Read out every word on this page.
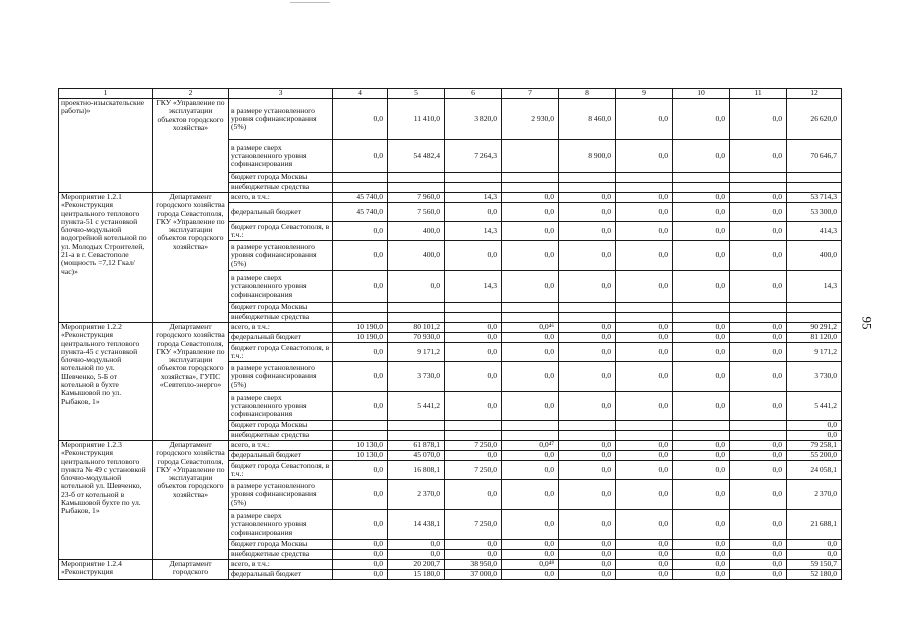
1	2	3	4	5	6	7	8	9	10	11	12
проектно-изыскательские работы)»	ГКУ «Управление по эксплуатации объектов городского хозяйства»	в размере установленного уровня софинансирования (5%)	0,0	11 410,0	3 820,0	2 930,0	8 460,0	0,0	0,0	0,0	26 620,0
		в размере сверх установленного уровня софинансирования	0,0	54 482,4	7 264,3		8 900,0	0,0	0,0	0,0	70 646,7
		бюджет города Москвы									
		внебюджетные средства									
Мероприятие 1.2.1 «Реконструкция центрального теплового пункта-51 с установкой блочно-модульной водогрейной котельной по ул. Молодых Строителей, 21-а в г. Севастополе (мощность =7,12 Гкал/час)»	Департамент городского хозяйства города Севастополя, ГКУ «Управление по эксплуатации объектов городского хозяйства»	всего, в т.ч.:	45 740,0	7 960,0	14,3	0,0	0,0	0,0	0,0	0,0	53 714,3
		федеральный бюджет	45 740,0	7 560,0	0,0	0,0	0,0	0,0	0,0	0,0	53 300,0
		бюджет города Севастополя, в т.ч.:	0,0	400,0	14,3	0,0	0,0	0,0	0,0	0,0	414,3
		в размере установленного уровня софинансирования (5%)	0,0	400,0	0,0	0,0	0,0	0,0	0,0	0,0	400,0
		в размере сверх установленного уровня софинансирования	0,0	0,0	14,3	0,0	0,0	0,0	0,0	0,0	14,3
		бюджет города Москвы									
		внебюджетные средства									
Мероприятие 1.2.2 «Реконструкция центрального теплового пункта-45 с установкой блочно-модульной котельной по ул. Шевченко, 5-Б от котельной в бухте Камышовой по ул. Рыбаков, 1»	Департамент городского хозяйства города Севастополя, ГКУ «Управление по эксплуатации объектов городского хозяйства», ГУПС «Севтепло-энерго»	всего, в т.ч.:	10 190,0	80 101,2	0,0	0,0⁴⁶	0,0	0,0	0,0	0,0	90 291,2
		федеральный бюджет	10 190,0	70 930,0	0,0	0,0	0,0	0,0	0,0	0,0	81 120,0
		бюджет города Севастополя, в т.ч.:	0,0	9 171,2	0,0	0,0	0,0	0,0	0,0	0,0	9 171,2
		в размере установленного уровня софинансирования (5%)	0,0	3 730,0	0,0	0,0	0,0	0,0	0,0	0,0	3 730,0
		в размере сверх установленного уровня софинансирования	0,0	5 441,2	0,0	0,0	0,0	0,0	0,0	0,0	5 441,2
		бюджет города Москвы									0,0
		внебюджетные средства									0,0
Мероприятие 1.2.3 «Реконструкция центрального теплового пункта № 49 с установкой блочно-модульной котельной ул. Шевченко, 23-б от котельной в Камышовой бухте по ул. Рыбаков, 1»	Департамент городского хозяйства города Севастополя, ГКУ «Управление по эксплуатации объектов городского хозяйства»	всего, в т.ч.:	10 130,0	61 878,1	7 250,0	0,0⁴⁷	0,0	0,0	0,0	0,0	79 258,1
		федеральный бюджет	10 130,0	45 070,0	0,0	0,0	0,0	0,0	0,0	0,0	55 200,0
		бюджет города Севастополя, в т.ч.:	0,0	16 808,1	7 250,0	0,0	0,0	0,0	0,0	0,0	24 058,1
		в размере установленного уровня софинансирования (5%)	0,0	2 370,0	0,0	0,0	0,0	0,0	0,0	0,0	2 370,0
		в размере сверх установленного уровня софинансирования	0,0	14 438,1	7 250,0	0,0	0,0	0,0	0,0	0,0	21 688,1
		бюджет города Москвы	0,0	0,0	0,0	0,0	0,0	0,0	0,0	0,0	0,0
		внебюджетные средства	0,0	0,0	0,0	0,0	0,0	0,0	0,0	0,0	0,0
Мероприятие 1.2.4 «Реконструкция	Департамент городского	всего, в т.ч.:	0,0	20 200,7	38 950,0	0,0⁴⁸	0,0	0,0	0,0	0,0	59 150,7
		федеральный бюджет	0,0	15 180,0	37 000,0	0,0	0,0	0,0	0,0	0,0	52 180,0
95
